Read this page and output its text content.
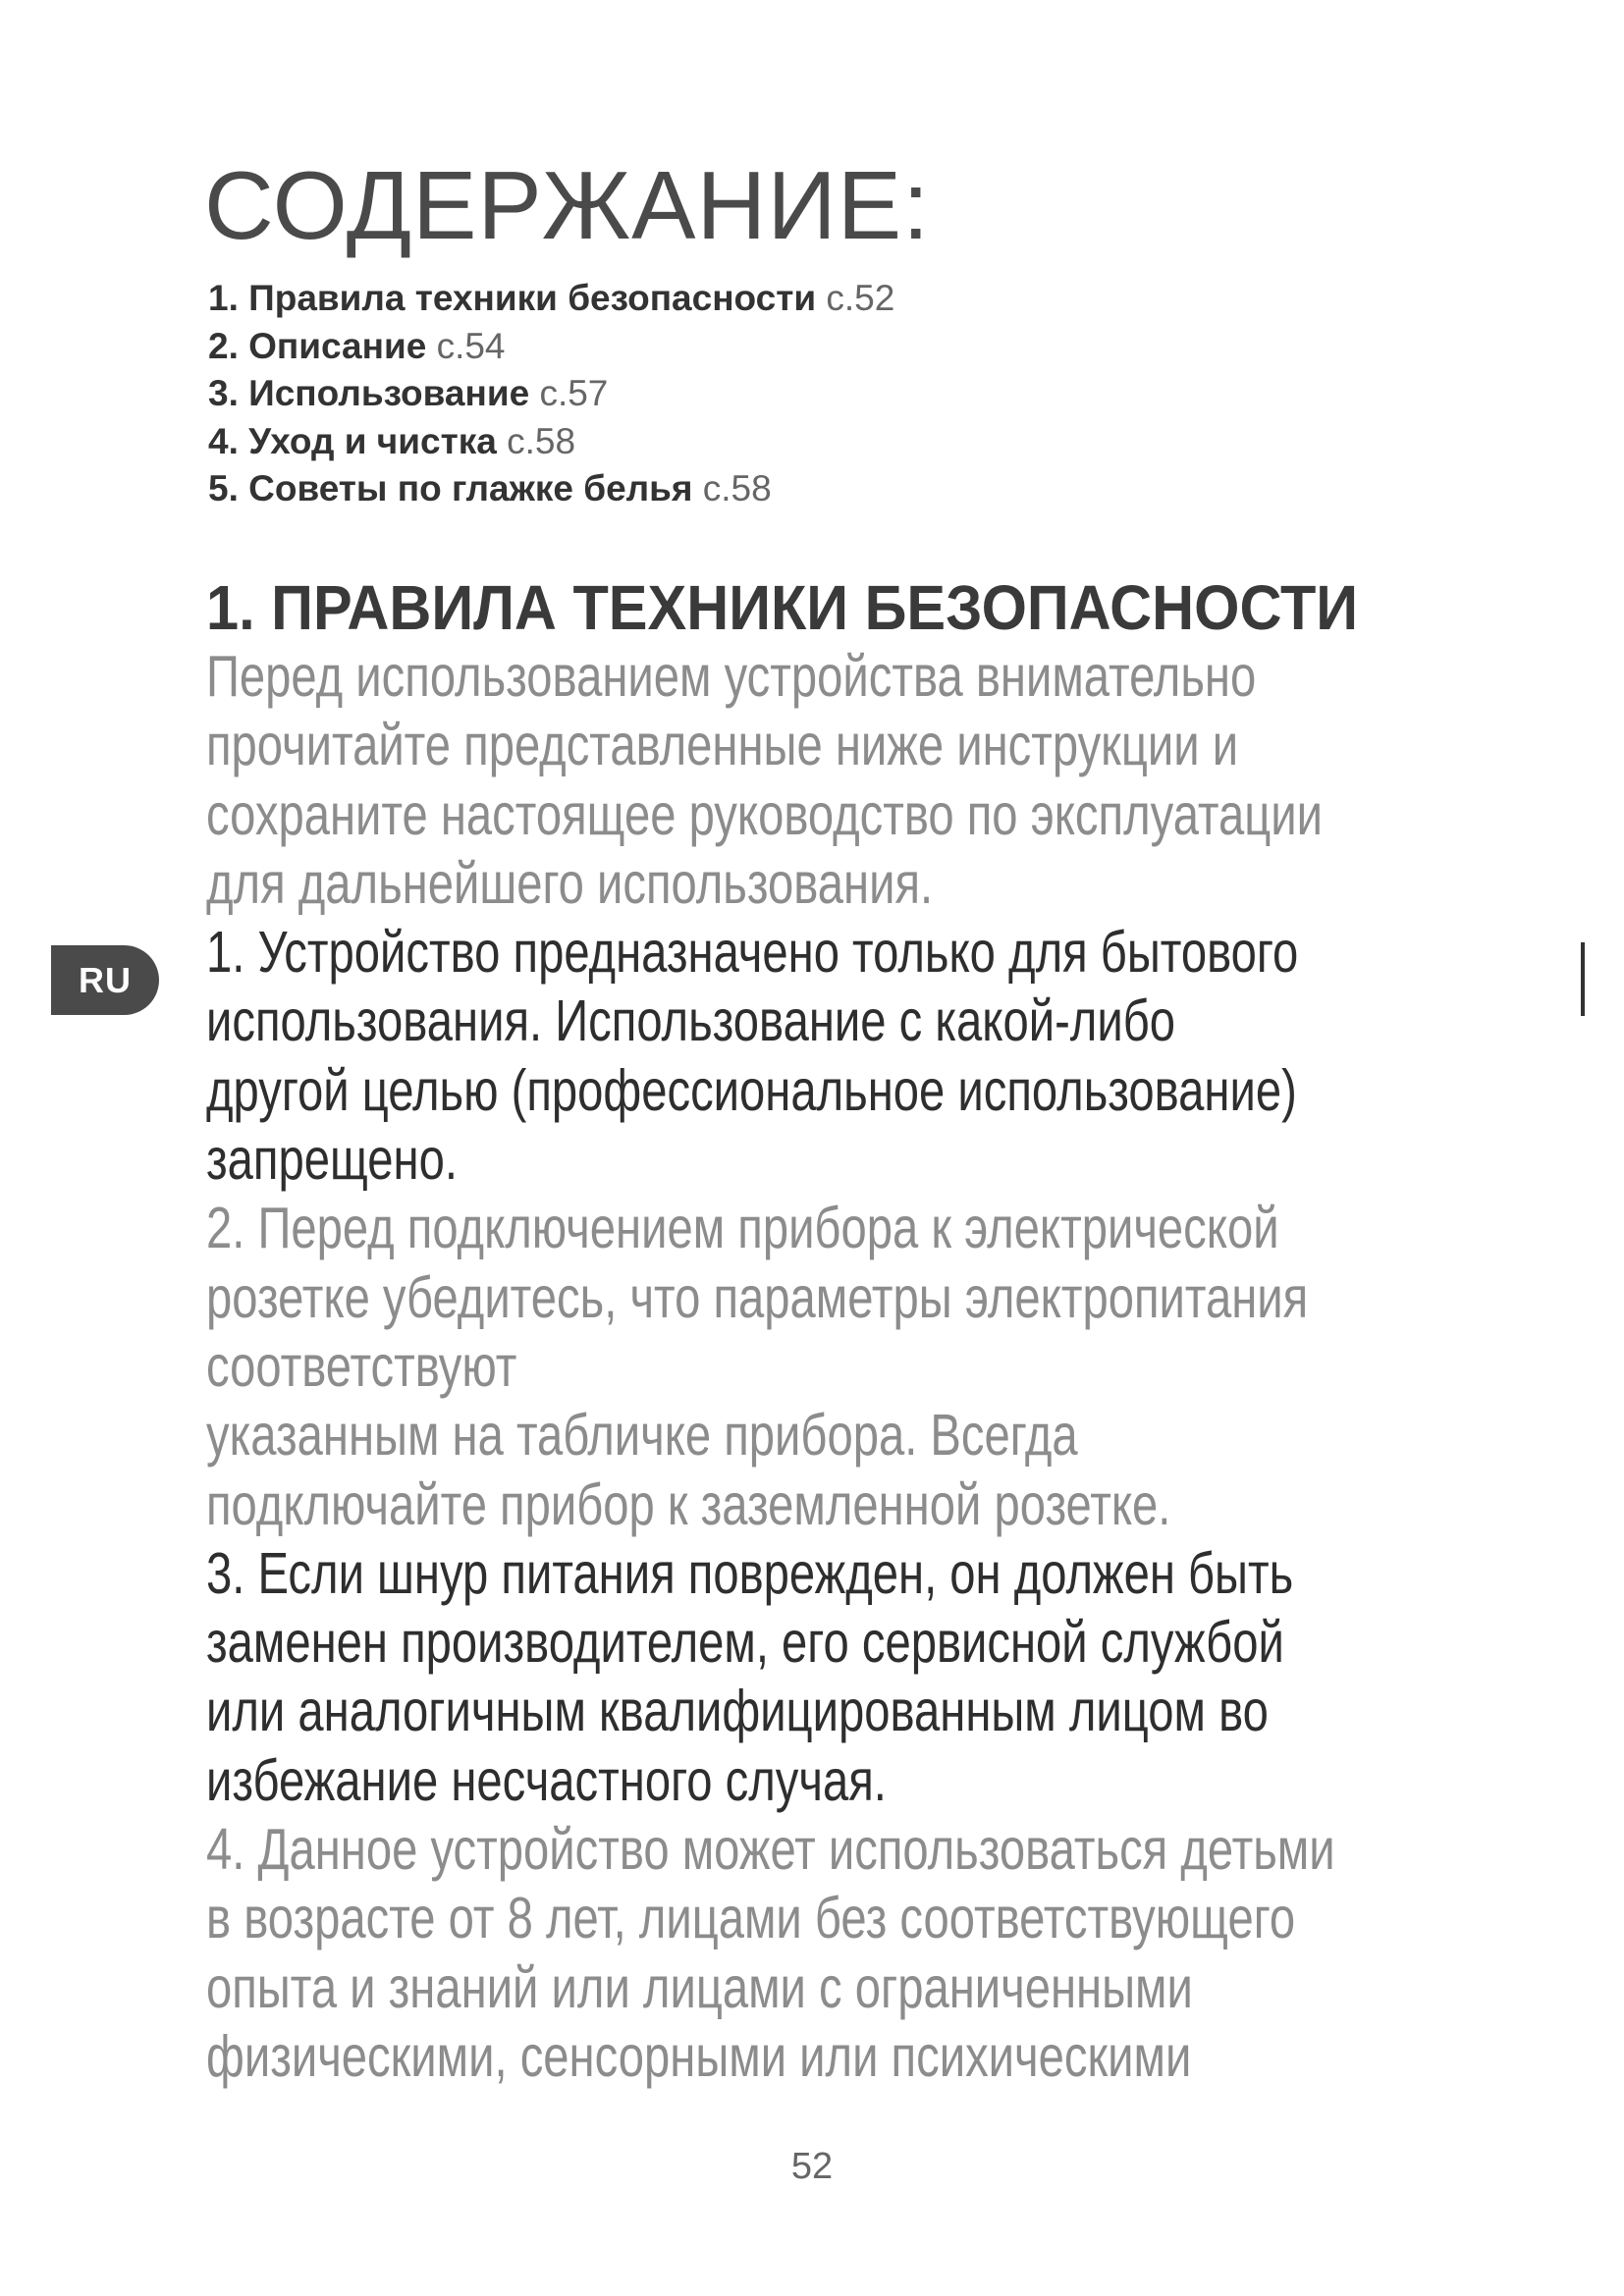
СОДЕРЖАНИЕ:
1. Правила техники безопасности с.52
2. Описание с.54
3. Использование с.57
4. Уход и чистка с.58
5. Советы по глажке белья с.58
1. ПРАВИЛА ТЕХНИКИ БЕЗОПАСНОСТИ
Перед использованием устройства внимательно
прочитайте представленные ниже инструкции и
сохраните настоящее руководство по эксплуатации
для дальнейшего использования.
1. Устройство предназначено только для бытового
использования. Использование с какой-либо
другой целью (профессиональное использование)
запрещено.
2. Перед подключением прибора к электрической
розетке убедитесь, что параметры электропитания
соответствуют
указанным на табличке прибора. Всегда
подключайте прибор к заземленной розетке.
3. Если шнур питания поврежден, он должен быть
заменен производителем, его сервисной службой
или аналогичным квалифицированным лицом во
избежание несчастного случая.
4. Данное устройство может использоваться детьми
в возрасте от 8 лет, лицами без соответствующего
опыта и знаний или лицами с ограниченными
физическими, сенсорными или психическими
RU
52
